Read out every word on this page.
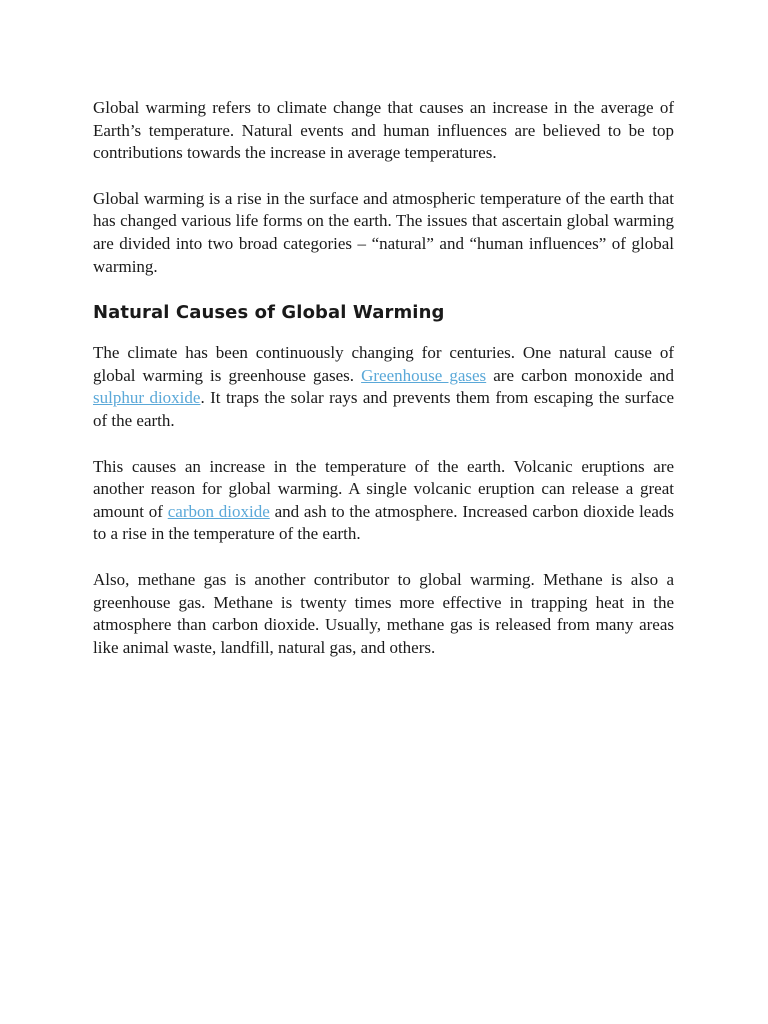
Global warming refers to climate change that causes an increase in the average of Earth’s temperature. Natural events and human influences are believed to be top contributions towards the increase in average temperatures.

Global warming is a rise in the surface and atmospheric temperature of the earth that has changed various life forms on the earth. The issues that ascertain global warming are divided into two broad categories – “natural” and “human influences” of global warming.

Natural Causes of Global Warming

The climate has been continuously changing for centuries. One natural cause of global warming is greenhouse gases. Greenhouse gases are carbon monoxide and sulphur dioxide. It traps the solar rays and prevents them from escaping the surface of the earth.

This causes an increase in the temperature of the earth. Volcanic eruptions are another reason for global warming. A single volcanic eruption can release a great amount of carbon dioxide and ash to the atmosphere. Increased carbon dioxide leads to a rise in the temperature of the earth.

Also, methane gas is another contributor to global warming. Methane is also a greenhouse gas. Methane is twenty times more effective in trapping heat in the atmosphere than carbon dioxide. Usually, methane gas is released from many areas like animal waste, landfill, natural gas, and others.
